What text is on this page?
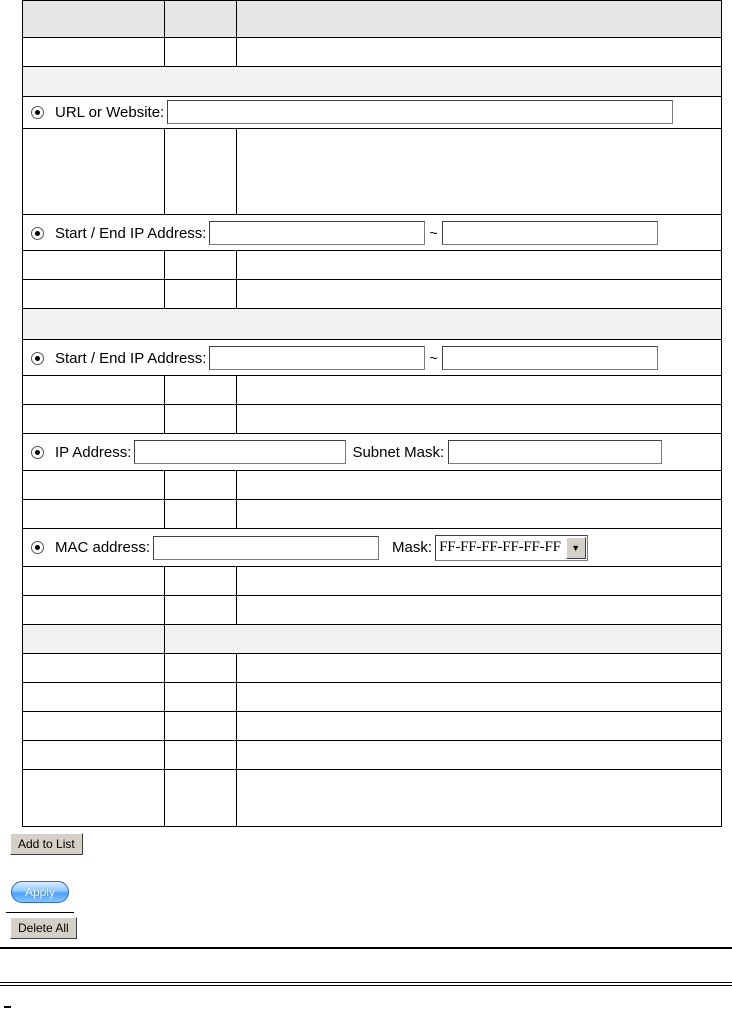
URL or Website:
Start / End IP Address:	~
Start / End IP Address:	~
IP Address:	Subnet Mask:
MAC address:	Mask: FF-FF-FF-FF-FF-FF	▼
Add to List
Apply
Delete All
